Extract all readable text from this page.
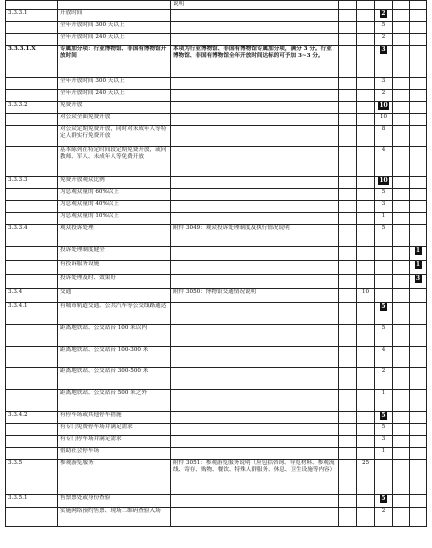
		说明					
3.3.3.1	开放时间				2		
	全年开放时间 300 天以上				5		
	全年开放时间 240 天以上				2		
3.3.3.1.X	专属加分项：行业博物馆、非国有博物馆开放时间	本项为行业博物馆、非国有博物馆专属加分项，满分 3 分。行业博物馆、非国有博物馆全年开放时间达标的可予加 3~3 分。			3		
	全年开放时间 300 天以上				3		
	全年开放时间 240 天以上				2		
3.3.3.2	免费开放				10		
	对公众全面免费开放				10		
	对公众定期免费开放，同时对未成年人等特定人群实行免费开放				8		
	基本陈列在特定时间段定期免费开放，或向教师、军人、未成年人等免费开放				4		
3.3.3.3	免费开放观众比例				10		
	为总观众量的 60%以上				5		
	为总观众量的 40%以上				3		
	为总观众量的 10%以上				1		
3.3.3.4	观众投诉处理	附件 3049：观众投诉处理制度及执行情况说明			5		
	投诉处理制度健全						1
	有投诉服务设施						1
	投诉处理及时、效果好						3
3.3.4	交通	附件 3050：博物馆交通情况说明		10			
3.3.4.1	有城市轨道交通、公共汽车等公交线路通达				5		
	距离地铁站、公交站台 100 米以内				5		
	距离地铁站、公交站台 100-300 米				4		
	距离地铁站、公交站台 300-500 米				2		
	距离地铁站、公交站台 500 米之外				1		
3.3.4.2	有停车场或其他停车措施				5		
	有专门免费停车场并满足需求				5		
	有专门停车场并满足需求				3		
	借助社会停车场				1		
3.3.5	参观游览服务	附件 3051：参观游览服务说明（应包括咨询、导览材料、参观流线、寄存、购物、餐饮、特殊人群服务、休息、卫生设施等内容）		25			
3.3.5.1	售票票处或身份查验				5		
	实施网络预约售票、现场二维码查验入场				2		
